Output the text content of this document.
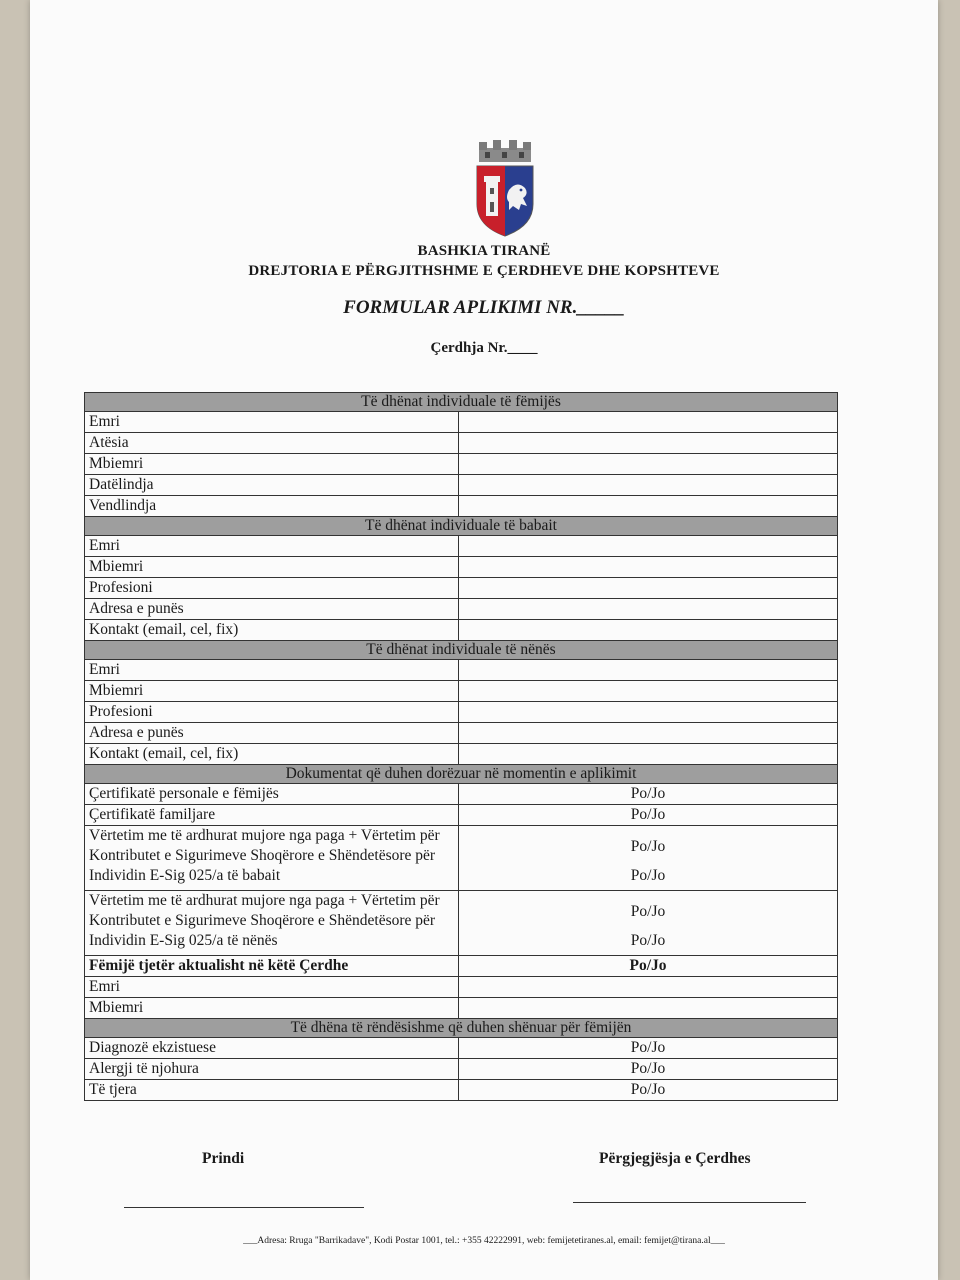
BASHKIA TIRANË
DREJTORIA E PËRGJITHSHME E ÇERDHEVE DHE KOPSHTEVE
FORMULAR APLIKIMI NR._____
Çerdhja Nr.____
Të dhënat individuale të fëmijës	
Emri	
Atësia	
Mbiemri	
Datëlindja	
Vendlindja	
Të dhënat individuale të babait	
Emri	
Mbiemri	
Profesioni	
Adresa e punës	
Kontakt (email, cel, fix)	
Të dhënat individuale të nënës	
Emri	
Mbiemri	
Profesioni	
Adresa e punës	
Kontakt (email, cel, fix)	
Dokumentat që duhen dorëzuar në momentin e aplikimit	
Çertifikatë personale e fëmijës	Po/Jo
Çertifikatë familjare	Po/Jo
Vërtetim me të ardhurat mujore nga paga + Vërtetim për Kontributet e Sigurimeve Shoqërore e Shëndetësore për Individin E-Sig 025/a të babait	Po/Jo
Po/Jo

Vërtetim me të ardhurat mujore nga paga + Vërtetim për Kontributet e Sigurimeve Shoqërore e Shëndetësore për Individin E-Sig 025/a të nënës	Po/Jo
Po/Jo

Fëmijë tjetër aktualisht në këtë Çerdhe	Po/Jo
Emri	
Mbiemri	
Të dhëna të rëndësishme që duhen shënuar për fëmijën	
Diagnozë ekzistuese	Po/Jo
Alergji të njohura	Po/Jo
Të tjera	Po/Jo
Prindi	Përgjegjësja e Çerdhes
___Adresa: Rruga "Barrikadave", Kodi Postar 1001, tel.: +355 42222991, web: femijetetiranes.al, email: femijet@tirana.al___
